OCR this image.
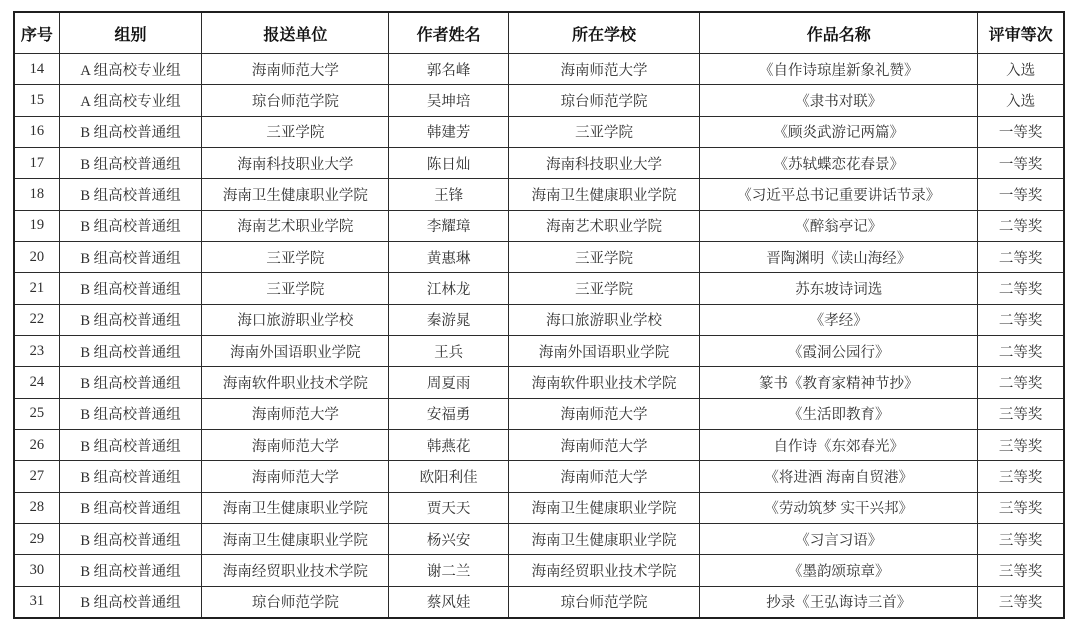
序号	组别	报送单位	作者姓名	所在学校	作品名称	评审等次
14	A 组高校专业组	海南师范大学	郭名峰	海南师范大学	《自作诗琼崖新象礼赞》	入选
15	A 组高校专业组	琼台师范学院	吴坤培	琼台师范学院	《隶书对联》	入选
16	B 组高校普通组	三亚学院	韩建芳	三亚学院	《顾炎武游记两篇》	一等奖
17	B 组高校普通组	海南科技职业大学	陈日灿	海南科技职业大学	《苏轼蝶恋花春景》	一等奖
18	B 组高校普通组	海南卫生健康职业学院	王锋	海南卫生健康职业学院	《习近平总书记重要讲话节录》	一等奖
19	B 组高校普通组	海南艺术职业学院	李耀璋	海南艺术职业学院	《醉翁亭记》	二等奖
20	B 组高校普通组	三亚学院	黄惠琳	三亚学院	晋陶渊明《读山海经》	二等奖
21	B 组高校普通组	三亚学院	江林龙	三亚学院	苏东坡诗词选	二等奖
22	B 组高校普通组	海口旅游职业学校	秦游晁	海口旅游职业学校	《孝经》	二等奖
23	B 组高校普通组	海南外国语职业学院	王兵	海南外国语职业学院	《霞洞公园行》	二等奖
24	B 组高校普通组	海南软件职业技术学院	周夏雨	海南软件职业技术学院	篆书《教育家精神节抄》	二等奖
25	B 组高校普通组	海南师范大学	安福勇	海南师范大学	《生活即教育》	三等奖
26	B 组高校普通组	海南师范大学	韩燕花	海南师范大学	自作诗《东郊春光》	三等奖
27	B 组高校普通组	海南师范大学	欧阳利佳	海南师范大学	《将进酒 海南自贸港》	三等奖
28	B 组高校普通组	海南卫生健康职业学院	贾天天	海南卫生健康职业学院	《劳动筑梦 实干兴邦》	三等奖
29	B 组高校普通组	海南卫生健康职业学院	杨兴安	海南卫生健康职业学院	《习言习语》	三等奖
30	B 组高校普通组	海南经贸职业技术学院	谢二兰	海南经贸职业技术学院	《墨韵颂琼章》	三等奖
31	B 组高校普通组	琼台师范学院	蔡风娃	琼台师范学院	抄录《王弘诲诗三首》	三等奖
